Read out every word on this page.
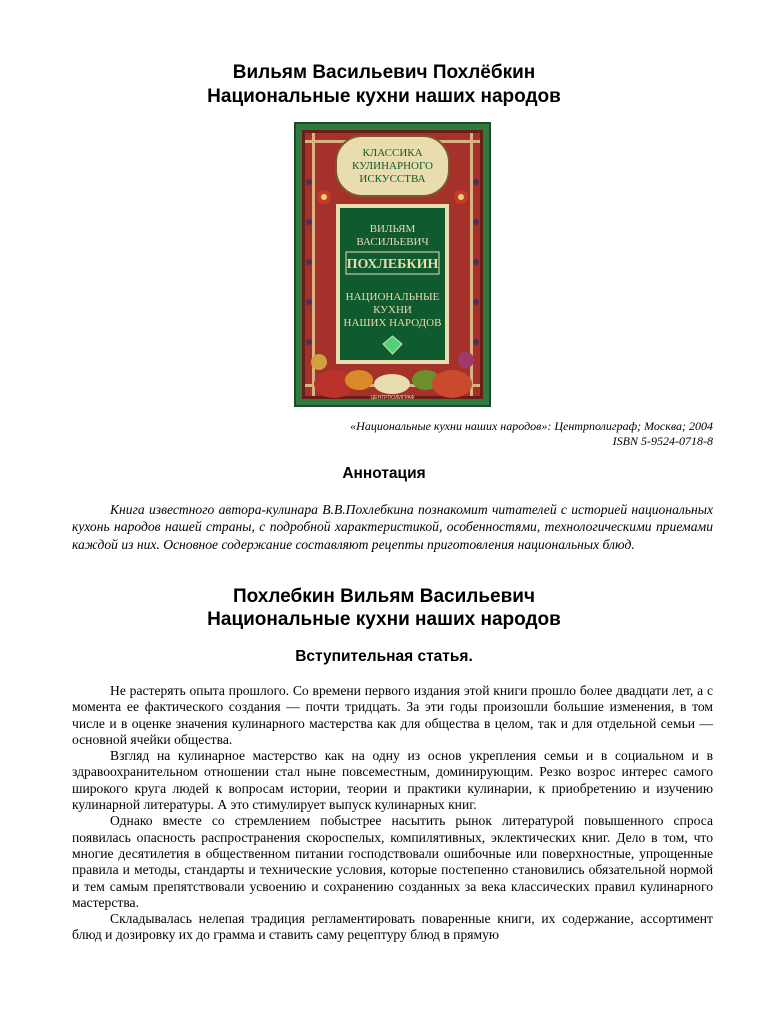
Вильям Васильевич Похлёбкин
Национальные кухни наших народов
КЛАССИКА
КУЛИНАРНОГО
ИСКУССТВА
ВИЛЬЯМ
ВАСИЛЬЕВИЧ
ПОХЛЕБКИН
НАЦИОНАЛЬНЫЕ
КУХНИ
НАШИХ НАРОДОВ
ЦЕНТРПОЛИГРАФ
«Национальные кухни наших народов»: Центрполиграф; Москва; 2004
ISBN 5-9524-0718-8
Аннотация

Книга известного автора-кулинара В.В.Похлебкина познакомит читателей с историей национальных кухонь народов нашей страны, с подробной характеристикой, особенностями, технологическими приемами каждой из них. Основное содержание составляют рецепты приготовления национальных блюд.

Похлебкин Вильям Васильевич
Национальные кухни наших народов
Вступительная статья.

Не растерять опыта прошлого. Со времени первого издания этой книги прошло более двадцати лет, а с момента ее фактического создания — почти тридцать. За эти годы произошли большие изменения, в том числе и в оценке значения кулинарного мастерства как для общества в целом, так и для отдельной семьи — основной ячейки общества.

Взгляд на кулинарное мастерство как на одну из основ укрепления семьи и в социальном и в здравоохранительном отношении стал ныне повсеместным, доминирующим. Резко возрос интерес самого широкого круга людей к вопросам истории, теории и практики кулинарии, к приобретению и изучению кулинарной литературы. А это стимулирует выпуск кулинарных книг.

Однако вместе со стремлением побыстрее насытить рынок литературой повышенного спроса появилась опасность распространения скороспелых, компилятивных, эклектических книг. Дело в том, что многие десятилетия в общественном питании господствовали ошибочные или поверхностные, упрощенные правила и методы, стандарты и технические условия, которые постепенно становились обязательной нормой и тем самым препятствовали усвоению и сохранению созданных за века классических правил кулинарного мастерства.

Складывалась нелепая традиция регламентировать поваренные книги, их содержание, ассортимент блюд и дозировку их до грамма и ставить саму рецептуру блюд в прямую
